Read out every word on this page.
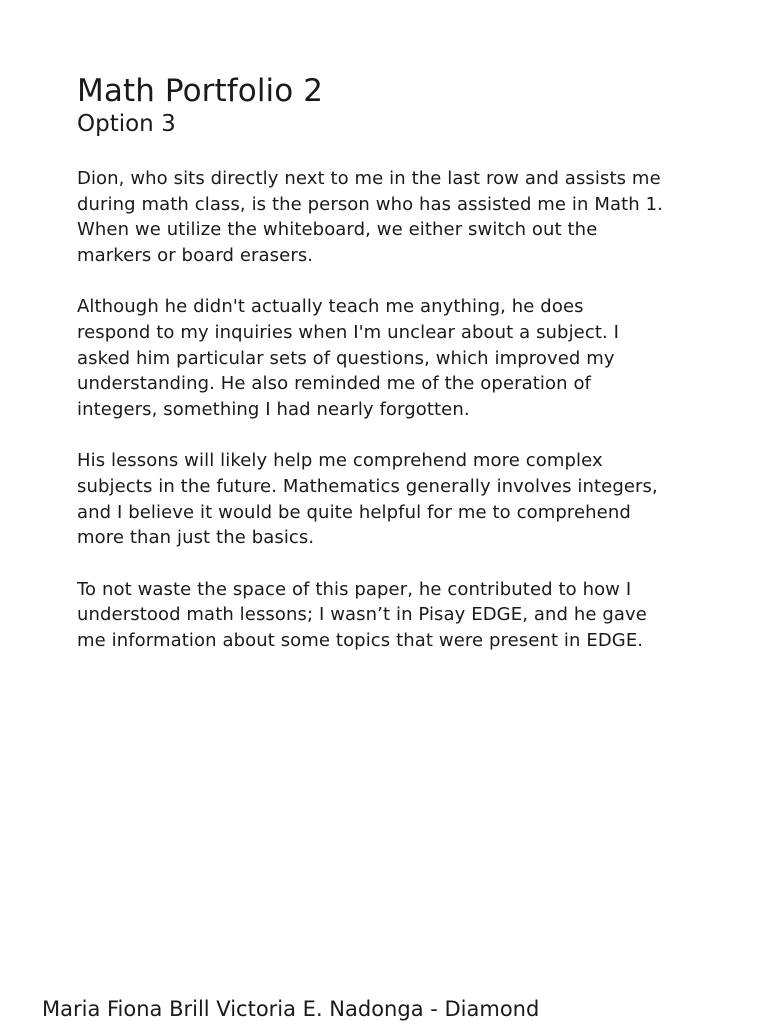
Math Portfolio 2
Option 3

Dion, who sits directly next to me in the last row and assists me
during math class, is the person who has assisted me in Math 1.
When we utilize the whiteboard, we either switch out the
markers or board erasers.

Although he didn't actually teach me anything, he does
respond to my inquiries when I'm unclear about a subject. I
asked him particular sets of questions, which improved my
understanding. He also reminded me of the operation of
integers, something I had nearly forgotten.

His lessons will likely help me comprehend more complex
subjects in the future. Mathematics generally involves integers,
and I believe it would be quite helpful for me to comprehend
more than just the basics.

To not waste the space of this paper, he contributed to how I
understood math lessons; I wasn’t in Pisay EDGE, and he gave
me information about some topics that were present in EDGE.

Maria Fiona Brill Victoria E. Nadonga - Diamond
